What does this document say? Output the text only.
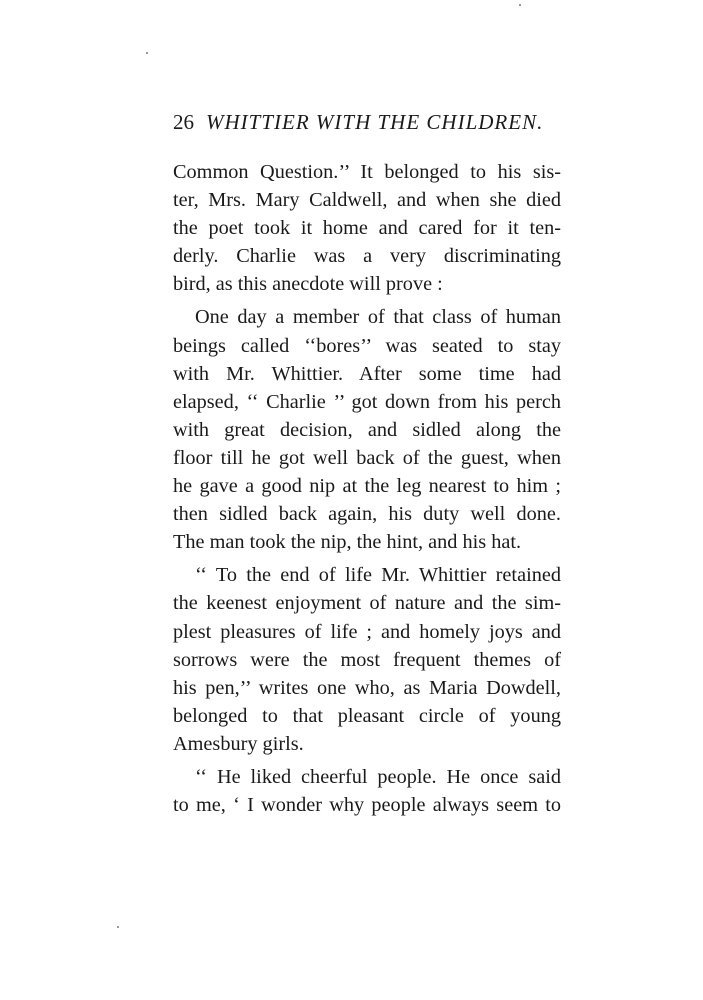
26 WHITTIER WITH THE CHILDREN.
Common Question.’’ It belonged to his sis-
ter, Mrs. Mary Caldwell, and when she died
the poet took it home and cared for it ten-
derly. Charlie was a very discriminating
bird, as this anecdote will prove :
One day a member of that class of human
beings called ‘‘bores’’ was seated to stay
with Mr. Whittier. After some time had
elapsed, ‘‘ Charlie ’’ got down from his perch
with great decision, and sidled along the
floor till he got well back of the guest, when
he gave a good nip at the leg nearest to him ;
then sidled back again, his duty well done.
The man took the nip, the hint, and his hat.
‘‘ To the end of life Mr. Whittier retained
the keenest enjoyment of nature and the sim-
plest pleasures of life ; and homely joys and
sorrows were the most frequent themes of
his pen,’’ writes one who, as Maria Dowdell,
belonged to that pleasant circle of young
Amesbury girls.
‘‘ He liked cheerful people. He once said
to me, ‘ I wonder why people always seem to
